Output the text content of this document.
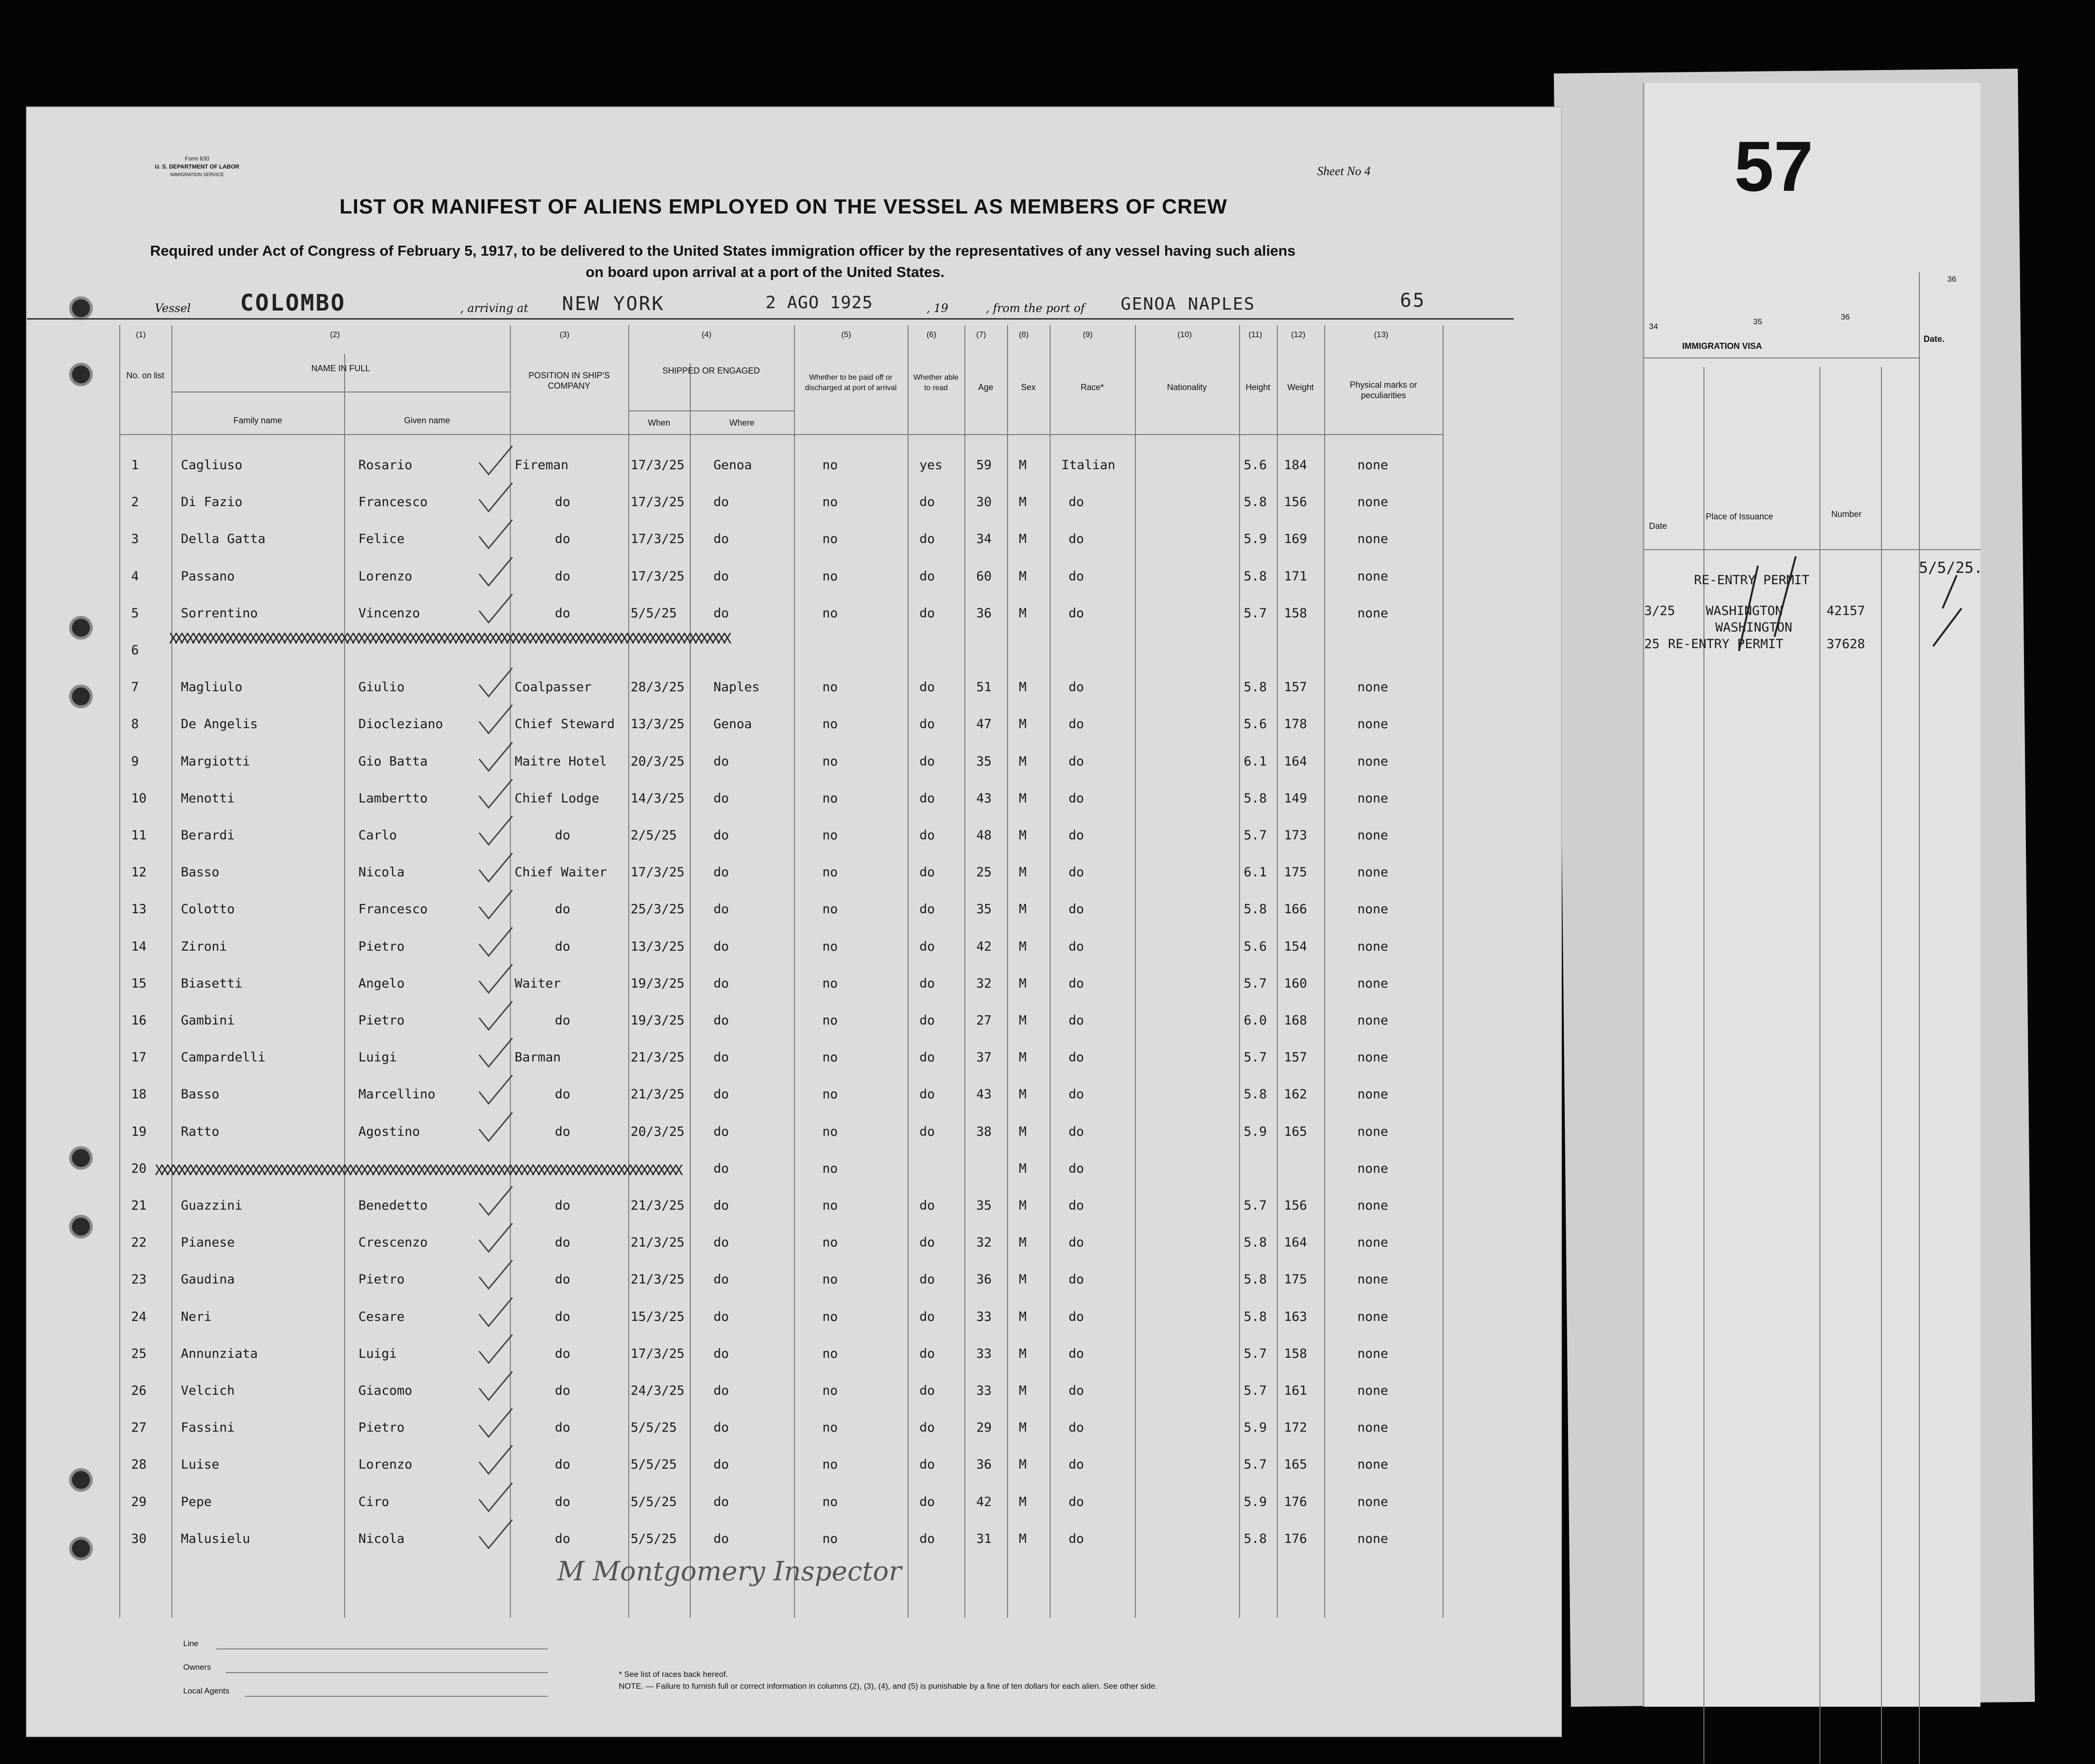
57
34
35
36
36
IMMIGRATION VISA
Date.
Date
Place of Issuance	Number
RE-ENTRY PERMIT
3/25 WASHINGTON	42157
WASHINGTON
25 RE-ENTRY PERMIT	37628
5/5/25.
Form 630
U. S. DEPARTMENT OF LABOR
IMMIGRATION SERVICE	Sheet No 4
LIST OR MANIFEST OF ALIENS EMPLOYED ON THE VESSEL AS MEMBERS OF CREW
Required under Act of Congress of February 5, 1917, to be delivered to the United States immigration officer by the representatives of any vessel having such aliens
on board upon arrival at a port of the United States.
Vessel COLOMBO	, arriving at NEW YORK	2 AGO 1925	, 19	, from the port of GENOA NAPLES	65
(1)	(2)	(3)	(4)	(5)	(6)	(7)	(8)	(9)	(10)	(11)	(12)	(13)
No. on list
NAME IN FULL
Family name	Given name
POSITION IN SHIP'S COMPANY
SHIPPED OR ENGAGED
When	Where
Whether to be paid off or discharged at port of arrival
Whether able to read	Age	Sex	Race*	Nationality	Height	Weight	Physical marks or peculiarities
1	Cagliuso	Rosario	Fireman	17/3/25 Genoa	no	yes	59 M	Italian	5.6 184	none
2	Di Fazio	Francesco	do	17/3/25 do	no	do	30 M	do	5.8 156	none
3	Della Gatta	Felice	do	17/3/25 do	no	do	34 M	do	5.9 169	none
4	Passano	Lorenzo	do	17/3/25 do	no	do	60 M	do	5.8 171	none
5	Sorrentino	Vincenzo	do	5/5/25	do	no	do	36 M	do	5.7 158	none
6
7	Magliulo	Giulio	Coalpasser	28/3/25 Naples	no	do	51 M	do	5.8 157	none
8	De Angelis	Diocleziano	Chief Steward 13/3/25 Genoa	no	do	47 M	do	5.6 178	none
9	Margiotti	Gio Batta	Maitre Hotel 20/3/25 do	no	do	35 M	do	6.1 164	none
10	Menotti	Lambertto	Chief Lodge 14/3/25 do	no	do	43 M	do	5.8 149	none
11	Berardi	Carlo	do	2/5/25	do	no	do	48 M	do	5.7 173	none
12	Basso	Nicola	Chief Waiter 17/3/25 do	no	do	25 M	do	6.1 175	none
13	Colotto	Francesco	do	25/3/25 do	no	do	35 M	do	5.8 166	none
14	Zironi	Pietro	do	13/3/25 do	no	do	42 M	do	5.6 154	none
15	Biasetti	Angelo	Waiter	19/3/25 do	no	do	32 M	do	5.7 160	none
16	Gambini	Pietro	do	19/3/25 do	no	do	27 M	do	6.0 168	none
17	Campardelli	Luigi	Barman	21/3/25 do	no	do	37 M	do	5.7 157	none
18	Basso	Marcellino	do	21/3/25 do	no	do	43 M	do	5.8 162	none
19	Ratto	Agostino	do	20/3/25 do	no	do	38 M	do	5.9 165	none
20	do	no	M	do	none
21	Guazzini	Benedetto	do	21/3/25 do	no	do	35 M	do	5.7 156	none
22	Pianese	Crescenzo	do	21/3/25 do	no	do	32 M	do	5.8 164	none
23	Gaudina	Pietro	do	21/3/25 do	no	do	36 M	do	5.8 175	none
24	Neri	Cesare	do	15/3/25 do	no	do	33 M	do	5.8 163	none
25	Annunziata	Luigi	do	17/3/25 do	no	do	33 M	do	5.7 158	none
26	Velcich	Giacomo	do	24/3/25 do	no	do	33 M	do	5.7 161	none
27	Fassini	Pietro	do	5/5/25	do	no	do	29 M	do	5.9 172	none
28	Luise	Lorenzo	do	5/5/25	do	no	do	36 M	do	5.7 165	none
29	Pepe	Ciro	do	5/5/25	do	no	do	42 M	do	5.9 176	none
30	Malusielu	Nicola	do	5/5/25	do	no	do	31 M	do	5.8 176	none
XXXXXXXXXXXXXXXXXXXXXXXXXXXXXXXXXXXXXXXXXXXXXXXXXXXXXXXXXXXXXXXXXXXXXXXXXXXXXXXXXXXXXXXXXXXXXXXXXX
XXXXXXXXXXXXXXXXXXXXXXXXXXXXXXXXXXXXXXXXXXXXXXXXXXXXXXXXXXXXXXXXXXXXXXXXXXXXXXXXXXXXXXXXXXXX
M Montgomery Inspector
Line
Owners
Local Agents
* See list of races back hereof.
NOTE. — Failure to furnish full or correct information in columns (2), (3), (4), and (5) is punishable by a fine of ten dollars for each alien. See other side.
